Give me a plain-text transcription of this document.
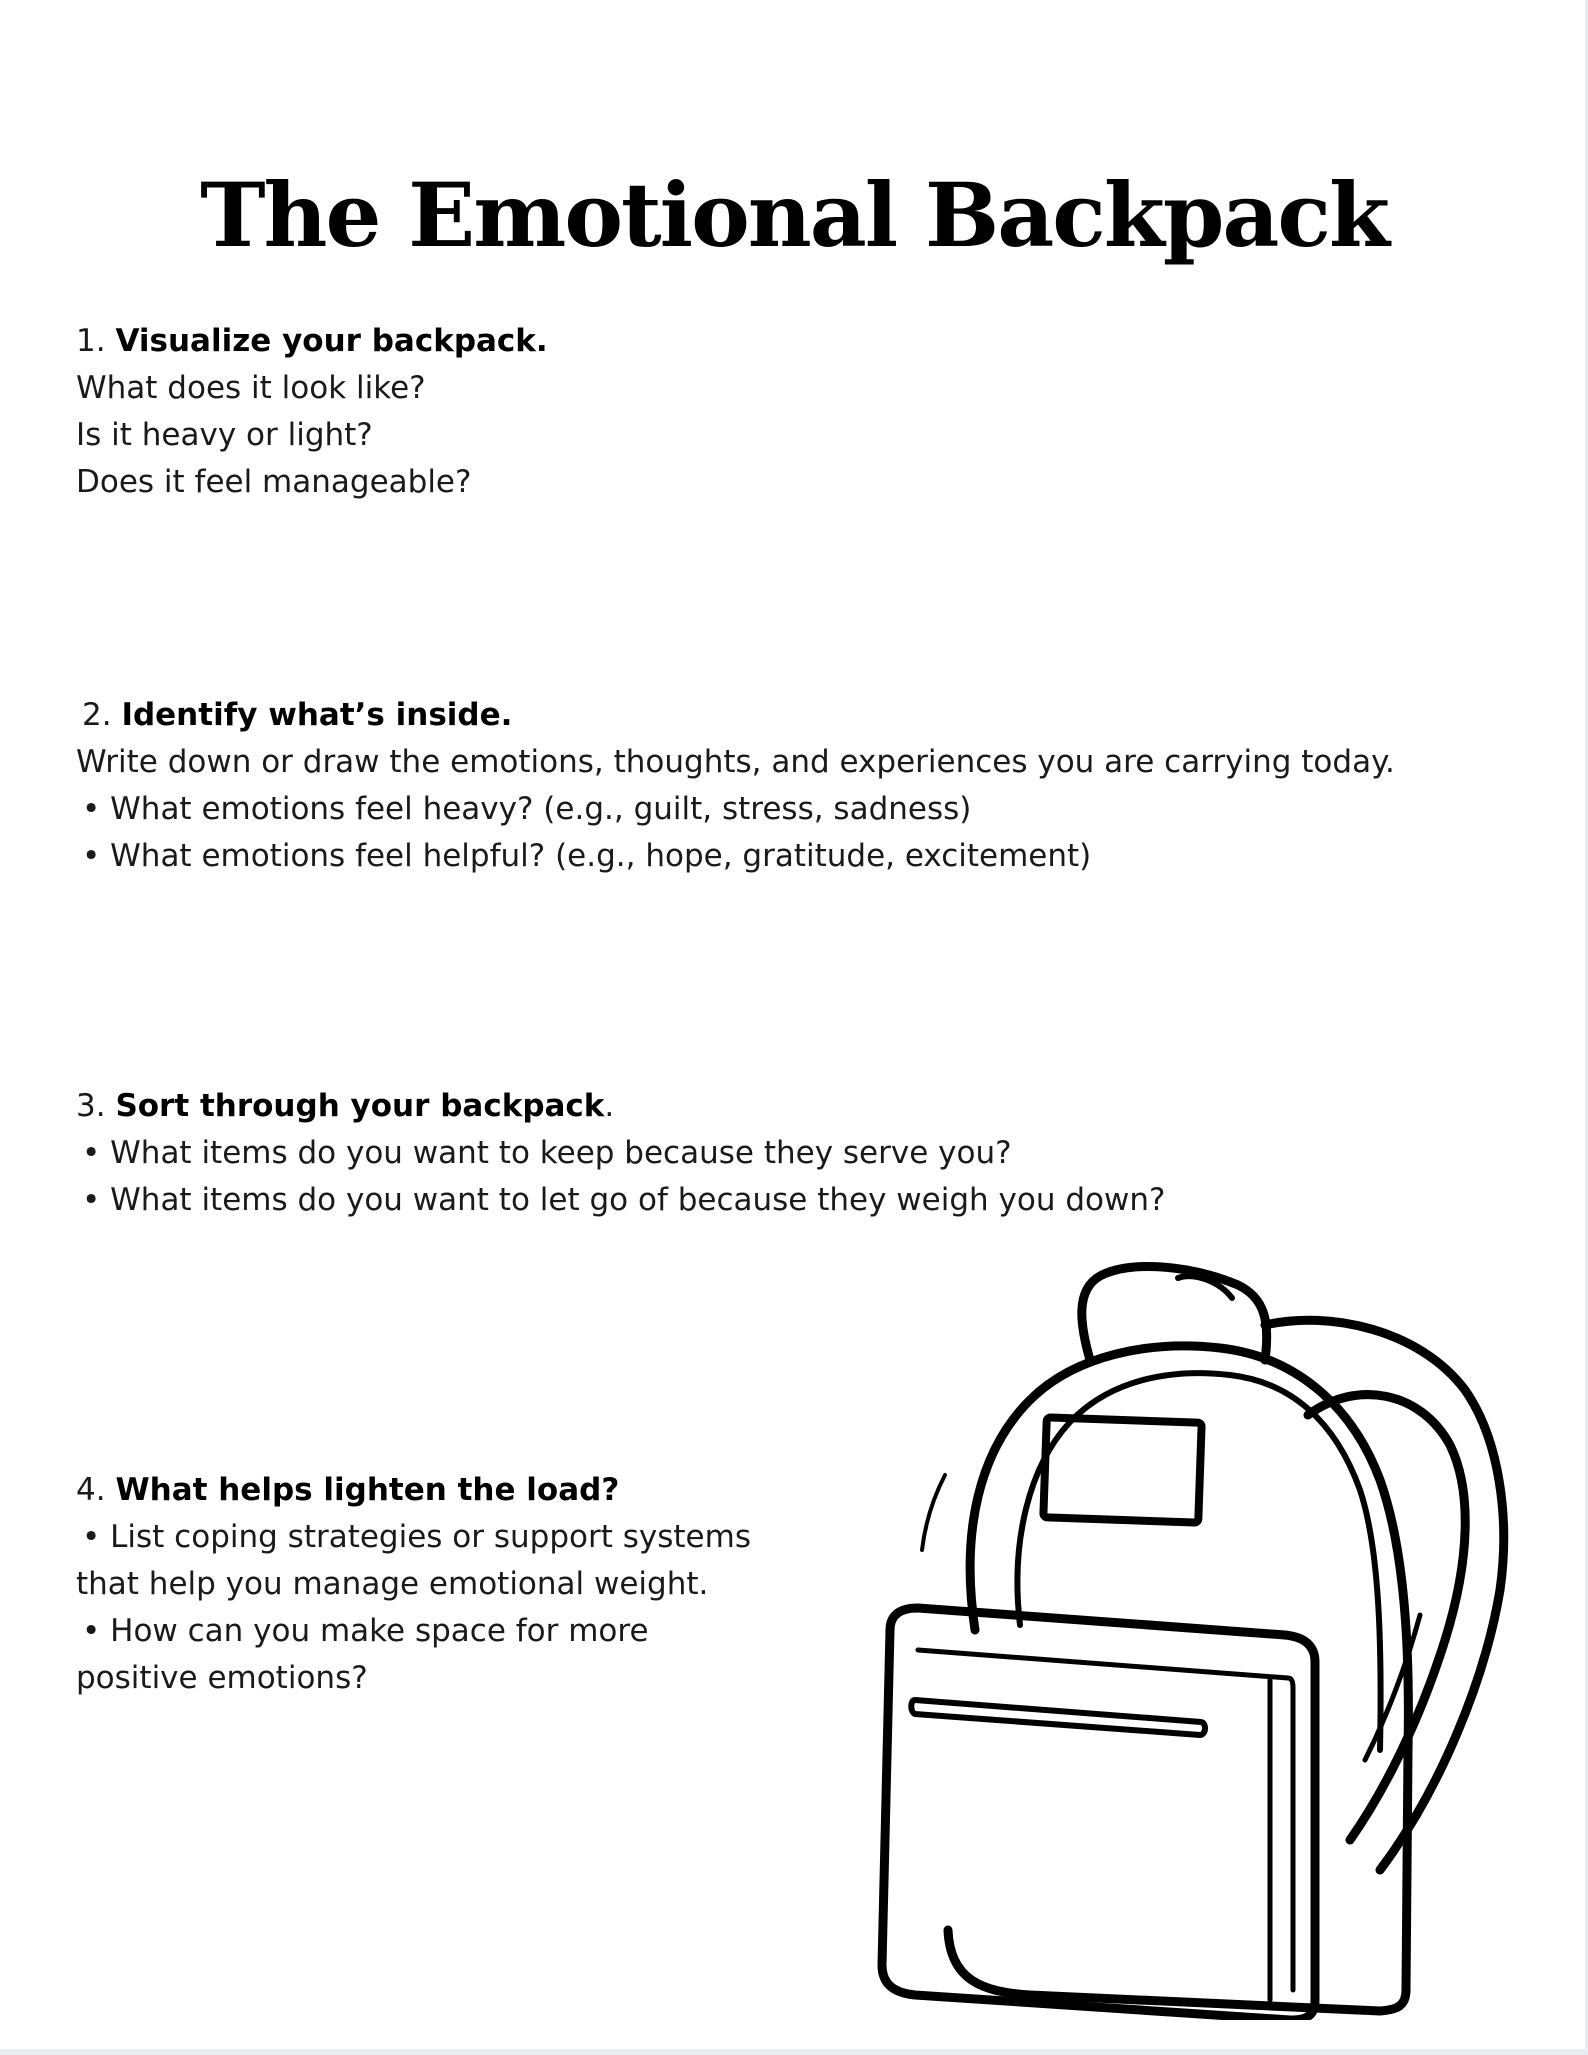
The Emotional Backpack
1. Visualize your backpack.
What does it look like?
Is it heavy or light?
Does it feel manageable?
2. Identify what’s inside.
Write down or draw the emotions, thoughts, and experiences you are carrying today.
• What emotions feel heavy? (e.g., guilt, stress, sadness)
• What emotions feel helpful? (e.g., hope, gratitude, excitement)
3. Sort through your backpack.
• What items do you want to keep because they serve you?
• What items do you want to let go of because they weigh you down?
4. What helps lighten the load?
• List coping strategies or support systems
that help you manage emotional weight.
• How can you make space for more
positive emotions?
